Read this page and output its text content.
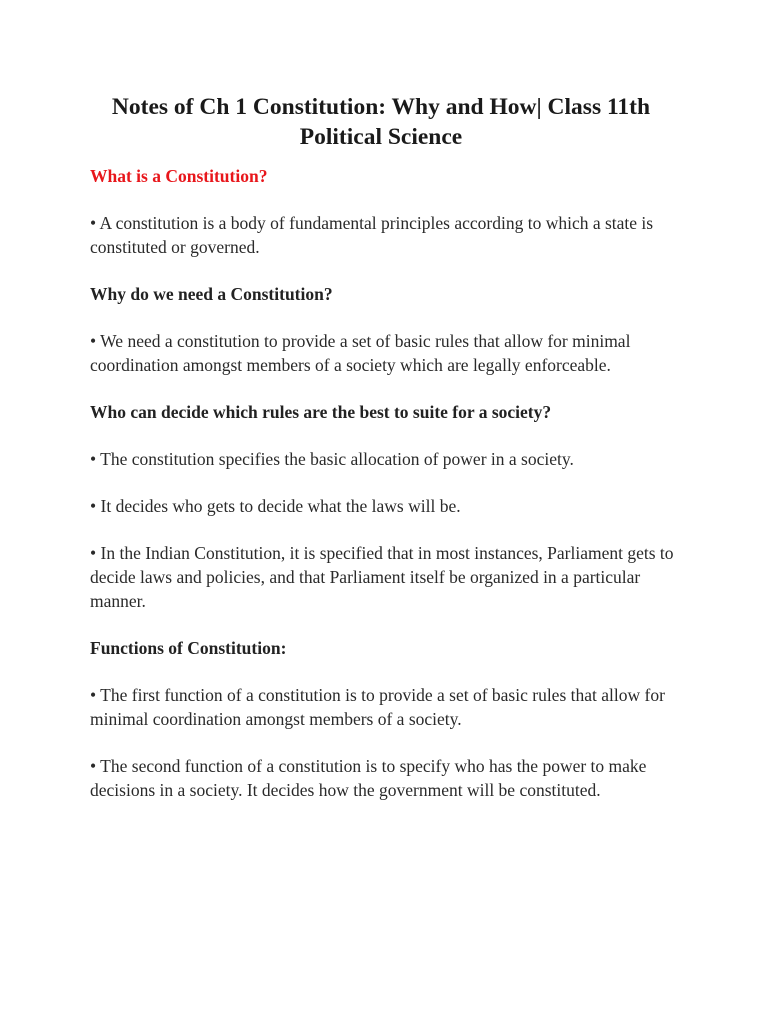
Notes of Ch 1 Constitution: Why and How| Class 11th Political Science

What is a Constitution?

• A constitution is a body of fundamental principles according to which a state is constituted or governed.

Why do we need a Constitution?

• We need a constitution to provide a set of basic rules that allow for minimal coordination amongst members of a society which are legally enforceable.

Who can decide which rules are the best to suite for a society?

• The constitution specifies the basic allocation of power in a society.

• It decides who gets to decide what the laws will be.

• In the Indian Constitution, it is specified that in most instances, Parliament gets to decide laws and policies, and that Parliament itself be organized in a particular manner.

Functions of Constitution:

• The first function of a constitution is to provide a set of basic rules that allow for minimal coordination amongst members of a society.

• The second function of a constitution is to specify who has the power to make decisions in a society. It decides how the government will be constituted.
